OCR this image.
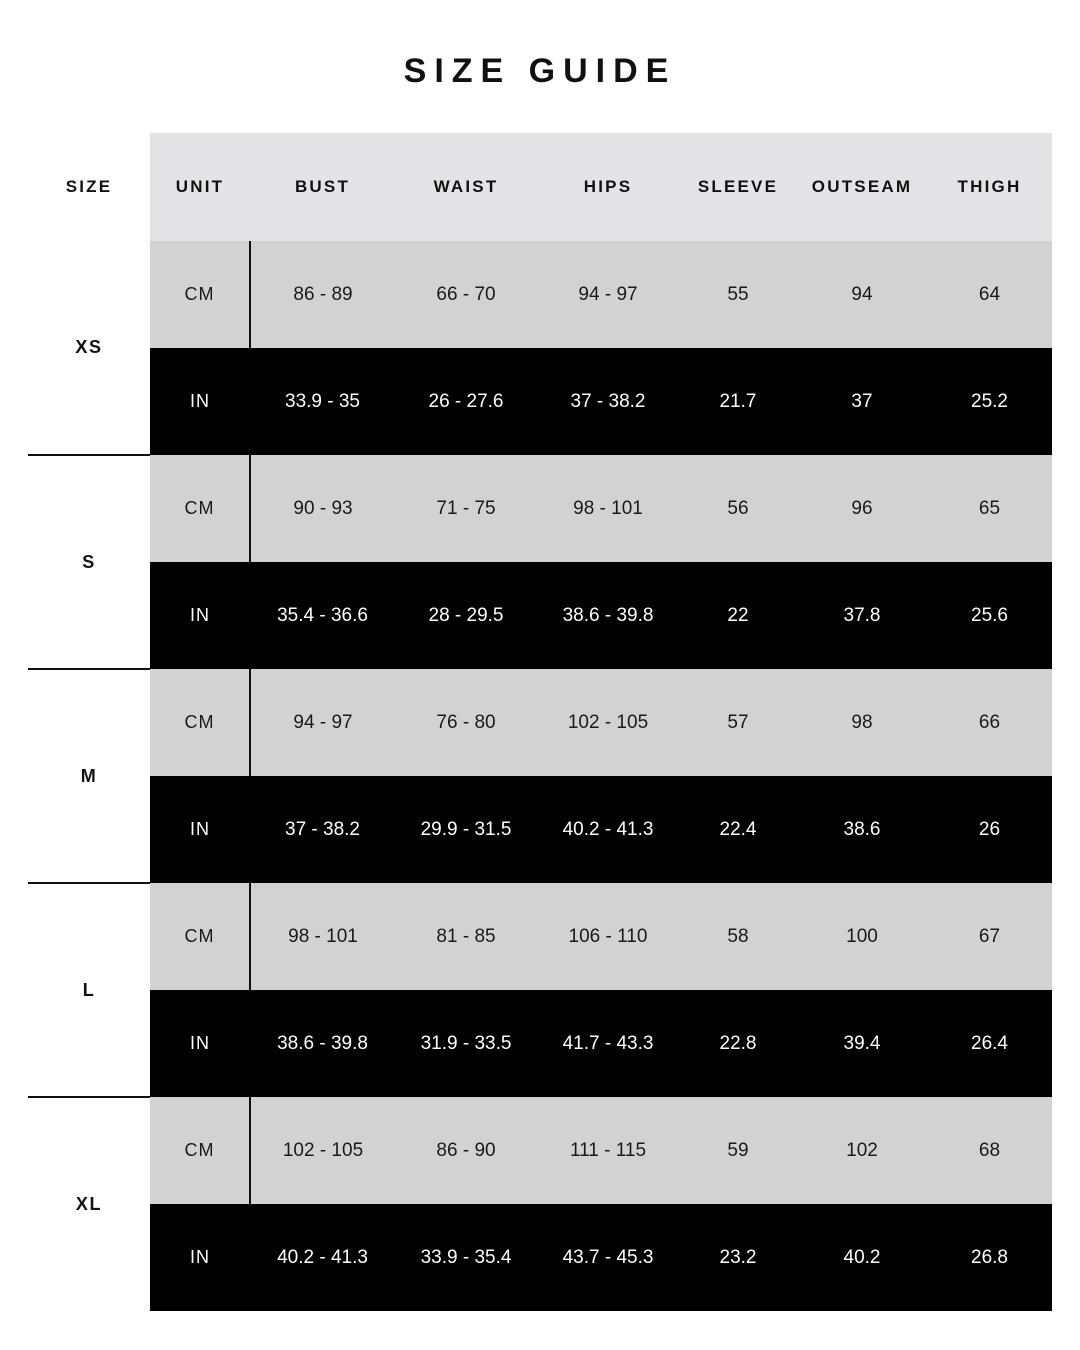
SIZE GUIDE
SIZE	UNIT	BUST	WAIST	HIPS	SLEEVE	OUTSEAM	THIGH
XS	CM	86 - 89	66 - 70	94 - 97	55	94	64
	IN	33.9 - 35	26 - 27.6	37 - 38.2	21.7	37	25.2
S	CM	90 - 93	71 - 75	98 - 101	56	96	65
	IN	35.4 - 36.6	28 - 29.5	38.6 - 39.8	22	37.8	25.6
M	CM	94 - 97	76 - 80	102 - 105	57	98	66
	IN	37 - 38.2	29.9 - 31.5	40.2 - 41.3	22.4	38.6	26
L	CM	98 - 101	81 - 85	106 - 110	58	100	67
	IN	38.6 - 39.8	31.9 - 33.5	41.7 - 43.3	22.8	39.4	26.4
XL	CM	102 - 105	86 - 90	111 - 115	59	102	68
	IN	40.2 - 41.3	33.9 - 35.4	43.7 - 45.3	23.2	40.2	26.8
